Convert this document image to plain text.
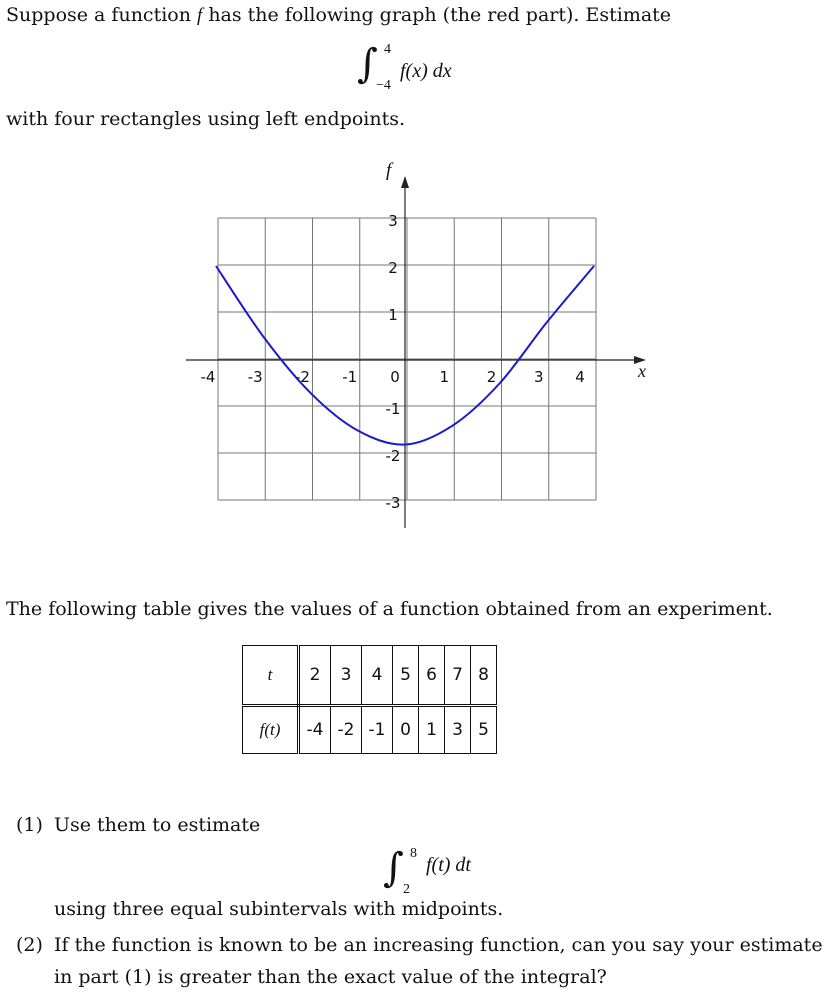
Suppose a function f has the following graph (the red part). Estimate
∫ 4
−4
f(x) dx
with four rectangles using left endpoints.
-4 -3 -2 -1 0	1	2	3 4
3
2
1
-1
-2
-3
f
x
The following table gives the values of a function obtained from an experiment.
t	2	3	4	5	6	7	8
f(t)	-4	-2	-1	0	1	3	5
(1) Use them to estimate
∫ 8
2
f(t) dt
using three equal subintervals with midpoints.
(2) If the function is known to be an increasing function, can you say your estimate
in part (1) is greater than the exact value of the integral?
